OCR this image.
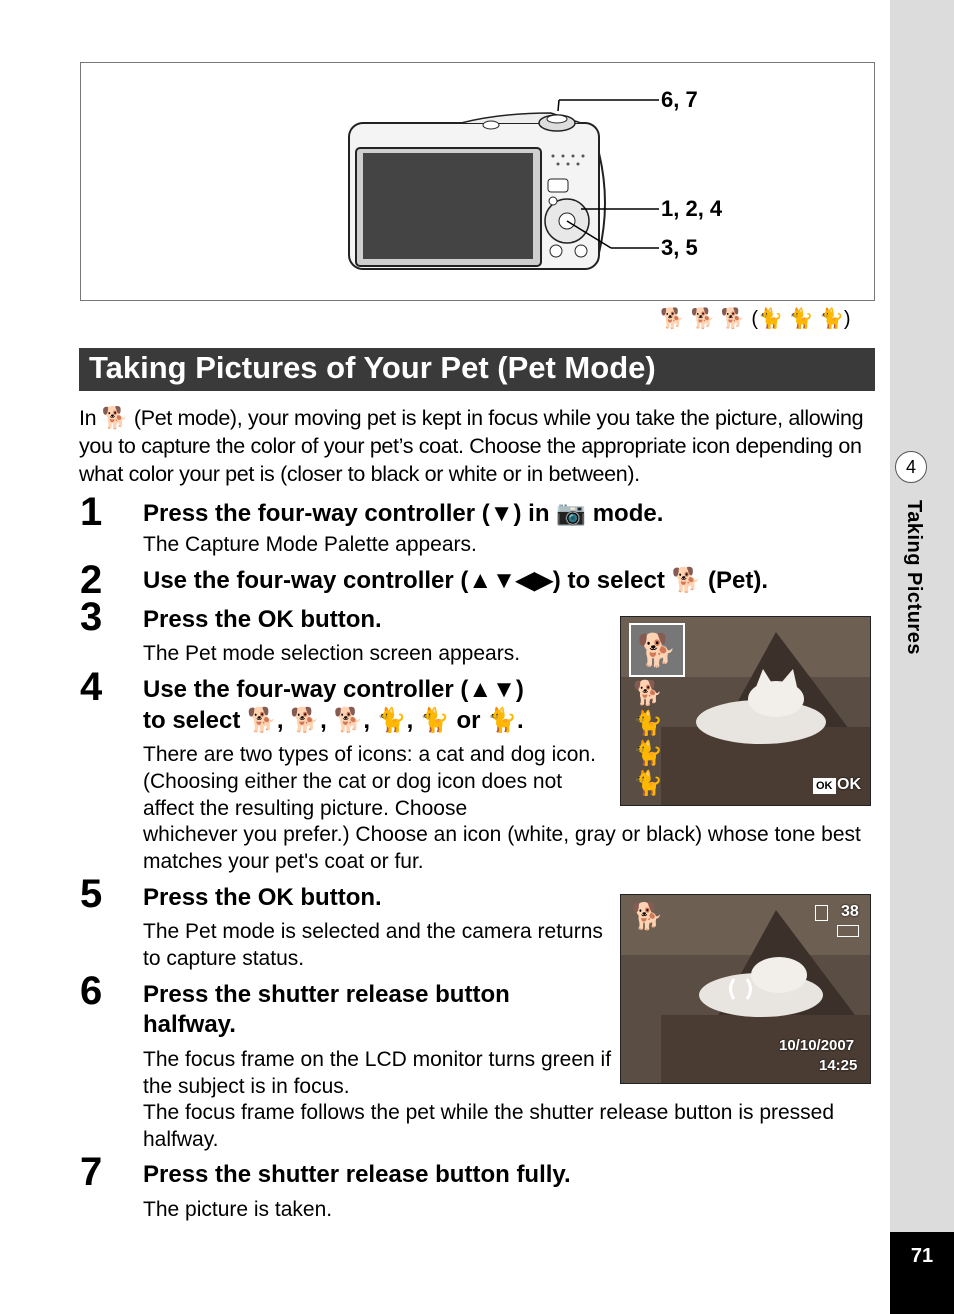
4
Taking Pictures
71
6, 7
1, 2, 4
3, 5
🐕 🐕 🐕 (🐈 🐈 🐈)
Taking Pictures of Your Pet (Pet Mode)
In 🐕 (Pet mode), your moving pet is kept in focus while you take the picture, allowing you to capture the color of your pet’s coat. Choose the appropriate icon depending on what color your pet is (closer to black or white or in between).
1 Press the four-way controller (▼) in 📷 mode.
The Capture Mode Palette appears.
2 Use the four-way controller (▲▼◀▶) to select 🐕 (Pet).
3 Press the OK button.
The Pet mode selection screen appears.	🐕
🐕
🐈
🐈
🐈	OK OK
4 Use the four-way controller (▲▼)
to select 🐕, 🐕, 🐕, 🐈, 🐈 or 🐈.
There are two types of icons: a cat and dog icon. (Choosing either the cat or dog icon does not affect the resulting picture. Choose
whichever you prefer.) Choose an icon (white, gray or black) whose tone best matches your pet's coat or fur.
5 Press the OK button.
The Pet mode is selected and the camera returns to capture status.
🐕	38
10/10/2007
14:25
6 Press the shutter release button
halfway.
The focus frame on the LCD monitor turns green if the subject is in focus.
The focus frame follows the pet while the shutter release button is pressed halfway.
7 Press the shutter release button fully.
The picture is taken.
